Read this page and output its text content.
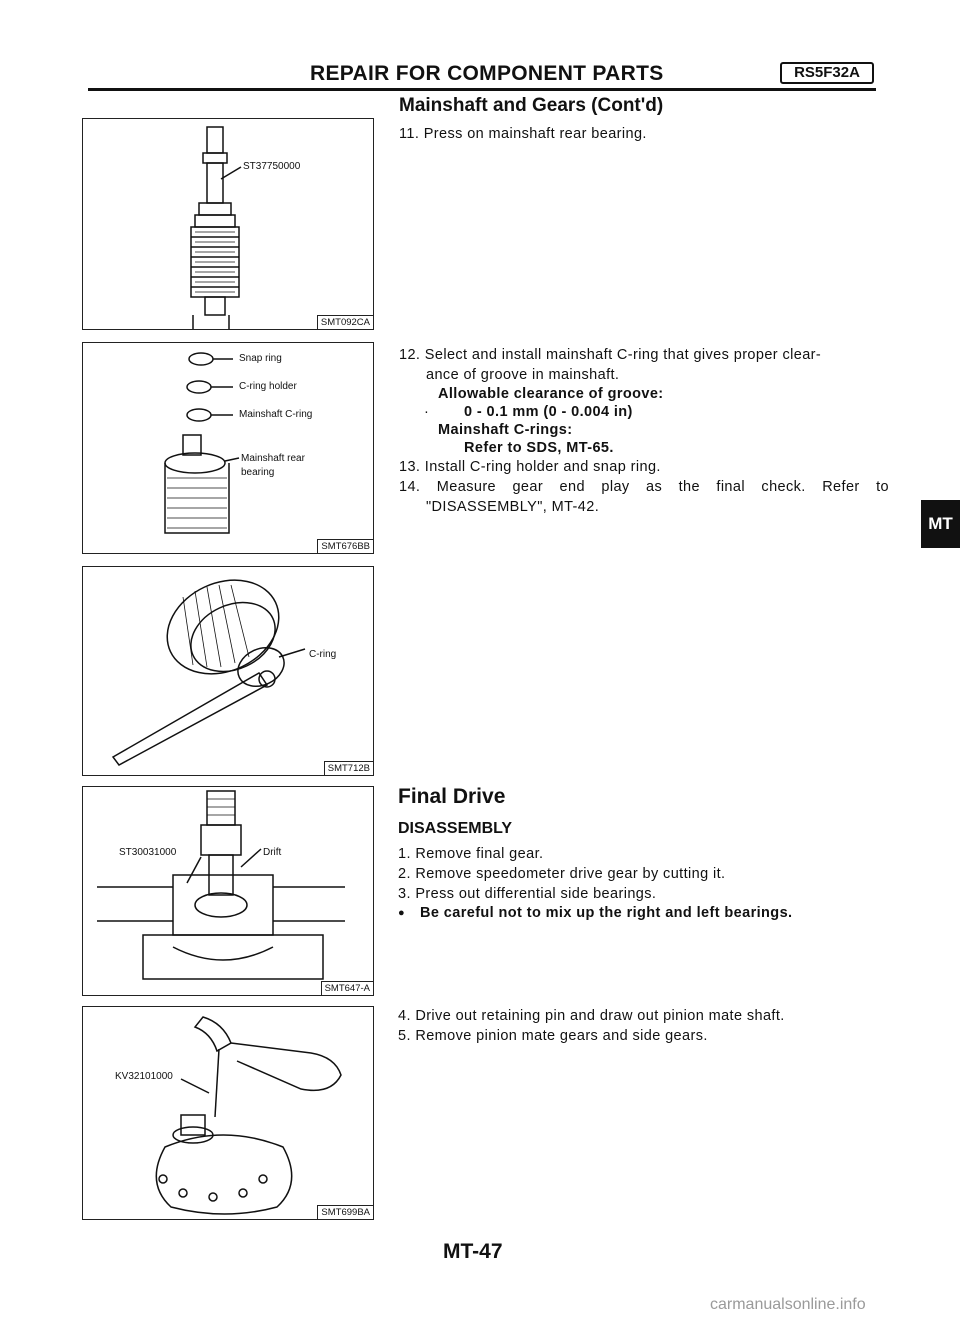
REPAIR FOR COMPONENT PARTS	RS5F32A
Mainshaft and Gears (Cont'd)
11. Press on mainshaft rear bearing.
12. Select and install mainshaft C-ring that gives proper clear-
ance of groove in mainshaft.
Allowable clearance of groove:
· 0 - 0.1 mm (0 - 0.004 in)
Mainshaft C-rings:
Refer to SDS, MT-65.
13. Install C-ring holder and snap ring.
14. Measure gear end play as the final check. Refer to
"DISASSEMBLY", MT-42.
Final Drive
DISASSEMBLY
1. Remove final gear.
2. Remove speedometer drive gear by cutting it.
3. Press out differential side bearings.
● Be careful not to mix up the right and left bearings.
4. Drive out retaining pin and draw out pinion mate shaft.
5. Remove pinion mate gears and side gears.
ST37750000
SMT092CA
Snap ring
C-ring holder
Mainshaft C-ring
Mainshaft rear
bearing
SMT676BB
C-ring
SMT712B
ST30031000	Drift
SMT647-A
KV32101000
SMT699BA
MT
MT-47
carmanualsonline.info
